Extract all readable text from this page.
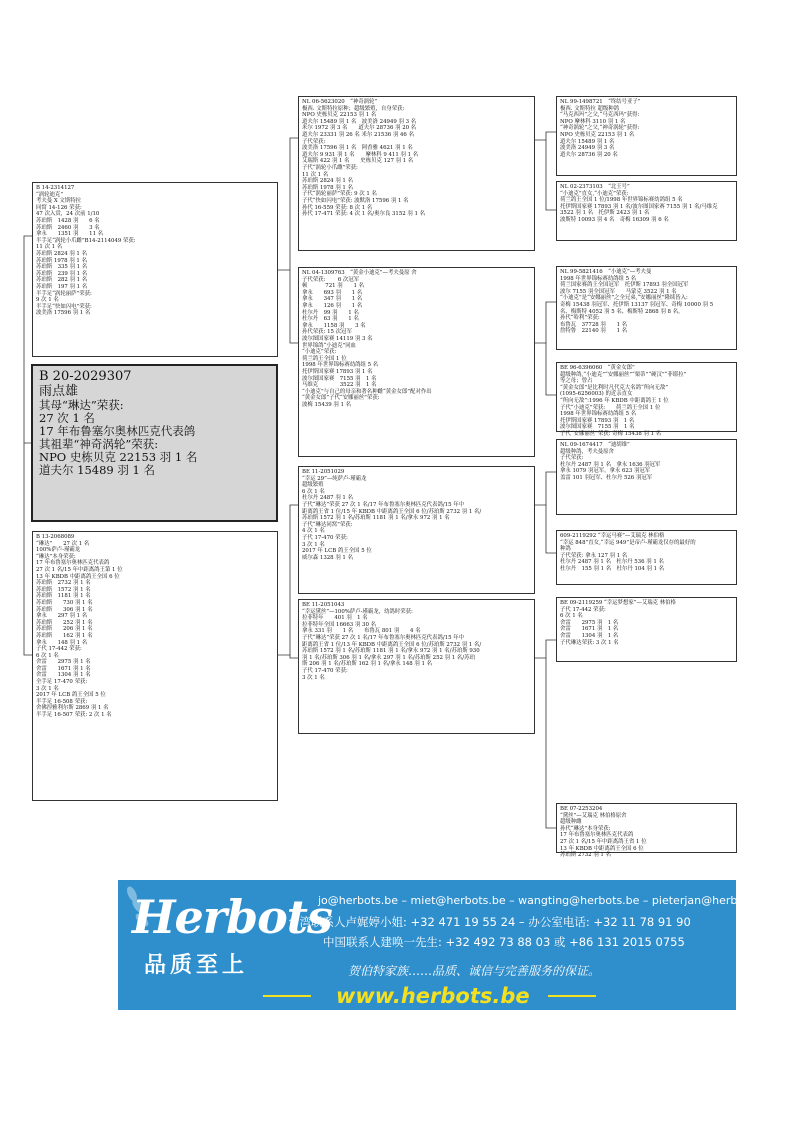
B 14-2314127
“涡轮迪克”
考夫曼 X 文斯特拉
同窝 14-126 荣获:
47 次入赏，24 次前 1/10
苏珀斯　1428 羽　　6 名
苏珀斯　2460 羽　　3 名
拿永　　1351 羽　　11 名
半手足“涡轮小爪雌”B14-2114049 荣获:
11 次 1 名
苏珀斯 2824 羽 1 名
苏珀斯 1978 羽 1 名
苏珀斯　335 羽 1 名
苏珀斯　239 羽 1 名
苏珀斯　282 羽 1 名
苏珀斯　197 羽 1 名
半手足“涡轮丽萨”荣获:
9 次 1 名
半手足“快如闪电”荣获:
波美洛 17596 羽 1 名
B 20-2029307
雨点雄
其母“琳达”荣获:
27 次 1 名
17 年布鲁塞尔奥林匹克代表鸽
其祖辈“神奇涡轮”荣获:
NPO 史栋贝克 22153 羽 1 名
道夫尔 15489 羽 1 名
B 13-2068089
“琳达”　　27 次 1 名
100%萨卢-瑾霸龙
“琳达”本身荣获:
17 年布鲁塞尔奥林匹克代表鸽
27 次 1 名/15 年中距离鸽王第 1 位
13 年 KBDB 中距离鸽王全国 6 位
苏珀斯　2732 羽 1 名
苏珀斯　1572 羽 1 名
苏珀斯　1181 羽 1 名
苏珀斯　　730 羽 1 名
苏珀斯　　306 羽 1 名
拿永　　297 羽 1 名
苏珀斯　　252 羽 1 名
苏珀斯　　206 羽 1 名
苏珀斯　　162 羽 1 名
拿永　　148 羽 1 名
子代 17-442 荣获:
6 次 1 名
舍雷　　2975 羽 1 名
舍雷　　1671 羽 1 名
舍雷　　1304 羽 1 名
全手足 17-470 荣获:
3 次 1 名
2017 年 LCB 鸽王全国 5 位
半手足 16-508 荣获:
舍佛涅雅利尔斯 2869 羽 1 名
半手足 16-507 荣获: 2 次 1 名
NL 06-5623020　“神奇涡轮”
极西. 文斯特拉原种；超级繁殖，自身荣获:
NPO 史栋贝克 22153 羽 1 名
道夫尔 15489 羽 1 名　波美洛 24949 羽 3 名
米尔 1972 羽 3 名　　道夫尔 28736 羽 20 名
道夫尔 23331 羽 26 名 米尔 21536 羽 46 名
子代荣获:
波美洛 17596 羽 1 名　阿香雅 4621 羽 1 名
道夫尔 9 931 羽 1 名　　摩林科 9 411 羽 1 名
艾瑞斯 422 羽 1 名　　史栋贝克 127 羽 1 名
子代“涡轮小爪雌”荣获:
11 次 1 名
苏珀斯 2824 羽 1 名
苏珀斯 1978 羽 1 名
子代“涡轮丽萨”荣获: 9 次 1 名
子代“快如闪电”荣获: 波默洛 17596 羽 1 名
孙代 16-559 荣获: 8 次 1 名
孙代 17-471 荣获: 4 次 1 名/奥尔良 3152 羽 1 名
NL 04-1309763　“黄金小迪克”—考夫曼原 舍
子代荣获: 　　6 次冠军
顿 　　　721 羽　　1 名
拿永　　693 羽　　1 名
拿永　　347 羽　　1 名
拿永　　126 羽　　1 名
杜尔丹　99 羽　　1 名
杜尔丹　63 羽　　1 名
拿永　　1158 羽　　3 名
孙代荣获: 15 次冠军
波尔图国家赛 14119 羽 3 名
世界锦鸽“小迪克”同血
“小迪克”荣获:
荷兰鸽王全国 1 位
1998 年世界锦标赛幼鸽组 5 名
托伊斯国家赛 17893 羽 1 名
波尔图国家赛　7155 羽　1 名
马维克　　　　3522 羽　1 名
“小迪克”与自己的母亲和著名种雌“黄金女郎”配对作出
“黄金女郎”子代“安娜丽丝”荣获:
波梅 15439 羽 1 名
BE 11-2051029
“幸运 29”—纯萨卢-瑾霸龙
超级繁殖
6 次 1 名
杜尔丹 2487 羽 1 名
子代“琳达”荣获 27 次 1 名/17 年布鲁塞尔奥林匹克代表鸽/15 年中
距离鸽王省 1 位/15 年 KBDB 中距离鸽王全国 6 位/苏珀斯 2732 羽 1 名/
苏珀斯 1572 羽 1 名/苏珀斯 1181 羽 1 名/拿永 972 羽 1 名
子代“琳达同窝”荣获:
4 次 1 名
子代 17-470 荣获:
3 次 1 名
2017 年 LCB 鸽王全国 5 位
威尔森 1328 羽 1 名
BE 11-2051043
“幸运黛丝”—100%萨卢-瑾霸龙，幼鸽时荣获:
拉菲特年　　401 羽　1 名
拉菲特年全国 16663 羽 30 名
拿永 331 羽　　1 名　　布鲁瓦 801 羽　　4 名
子代“琳达”荣获 27 次 1 名/17 年布鲁塞尔奥林匹克代表鸽/15 年中
距离鸽王省 1 位/13 年 KBDB 中距离鸽王全国 6 位/苏珀斯 2732 羽 1 名/
苏珀斯 1572 羽 1 名/苏珀斯 1181 羽 1 名/拿永 972 羽 1 名/苏珀斯 930
羽 1 名/苏珀斯 306 羽 1 名/拿永 297 羽 1 名/苏珀斯 252 羽 1 名/苏珀
斯 206 羽 1 名/苏珀斯 162 羽 1 名/拿永 148 羽 1 名
子代 17-470 荣获:
3 次 1 名
NL 99-1498721　“终结号亚子”
极西. 文斯特拉 超级种鸽
“马克西玛”之父,“马克西玛”获得:
NPO 摩林科 3110 羽 1 名
“神奇涡轮”之父,“神奇涡轮”获得:
NPO 史栋贝克 22153 羽 1 名
道夫尔 15489 羽 1 名
波美洛 24949 羽 3 名
道夫尔 28736 羽 20 名
NL 02-2373103　“北王号”
“小迪克”直女,“小迪克”荣获:
荷兰鸽王全国 1 位/1998 年世界锦标赛幼鸽组 5 名
托伊斯国家赛 17893 羽 1 名/波尔图国家赛 7155 羽 1 名/马维克
3522 羽 1 名　托伊斯 2423 羽 1 名
波斯特 10093 羽 4 名　奇梅 16309 羽 6 名
NL 99-5821416　“小迪克”—考夫曼
1998 年世界锦标赛幼鸽组 5 名
荷兰国家赛鸽王全国冠军　托伊斯 17893 羽全国冠军
波尔 7155 羽全国冠军　　马蒙克 3522 羽 1 名
“小迪克”是“安娜丽丝”之全兄弟,“安娜丽丝”隆续皆入:
奇梅 15438 羽冠军、托伊斯 13137 羽冠军、奇梅 10000 羽 5
名、梅斯特 4052 羽 5 名、梅斯特 2868 羽 8 名。
孙代“哈利”荣获:
布鲁瓦　37728 羽　　1 名
詹特鲁　22140 羽　　1 名
BE 96-6396060　“黄金女郎”
超级种鸽,“小迪克”“安娜丽丝”“栗蒂”“硬汉”“菲耶拉”
等之母；曾占
“黄金女郎”是比利时凡代克大名鸽“所向无敌”
(1095-6256003) 的近亲直女
“所向无敌”:1996 年 KBDB 中距离鸽王 1 位
子代“小迪克”荣获:　　荷兰鸽王全国 1 位
1998 年世界锦标赛幼鸽组 5 名
托伊斯国家赛 17893 羽　1 名
波尔图国家赛　7155 羽　1 名
子代“安娜丽丝”荣获: 奇梅 15438 羽 1 名
NL 09-1674417　“迪胡维”
超级种鸽，考夫曼原舍
子代荣获:
杜尔丹 2487 羽 1 名　拿永 1636 羽冠军
拿永 1079 羽冠军，拿永 623 羽冠军
盖雷 101 羽冠军、杜尔丹 526 羽冠军
609-2119292 “幸运马赛”—艾瑞克 林伯格
“幸运 848”直女,“幸运 949”是帝卢-瑾霸龙仅存的最好的
种鸽
子代荣获: 拿永 127 羽 1 名
杜尔丹 2487 羽 1 名　杜尔丹 536 羽 1 名
杜尔丹　155 羽 1 名　杜尔丹 104 羽 1 名
BE 09-2119259 “幸运梦想家”—艾瑞克 林伯格
子代 17-442 荣获:
6 次 1 名
舍雷　　2975 羽　1 名
舍雷　　1671 羽　1 名
舍雷　　1304 羽　1 名
子代琳达荣获: 3 次 1 名
BE 07-2253204
“黛丝”—艾瑞克 林伯格原舍
超级种雌
孙代“琳达”本身荣获:
17 年布鲁塞尔奥林匹克代表鸽
27 次 1 名/15 年中距离鸽王省 1 位
13 年 KBDB 中距离鸽王全国 6 位
苏珀斯 2732 羽 1 名
Herbots
品质至上
jo@herbots.be – miet@herbots.be – wangting@herbots.be – pieterjan@herbots.be
台湾联系人卢娓婷小姐: +32 471 19 55 24 – 办公室电话: +32 11 78 91 90
中国联系人建唤一先生: +32 492 73 88 03 或 +86 131 2015 0755
贺伯特家族……品质、诚信与完善服务的保证。
www.herbots.be
